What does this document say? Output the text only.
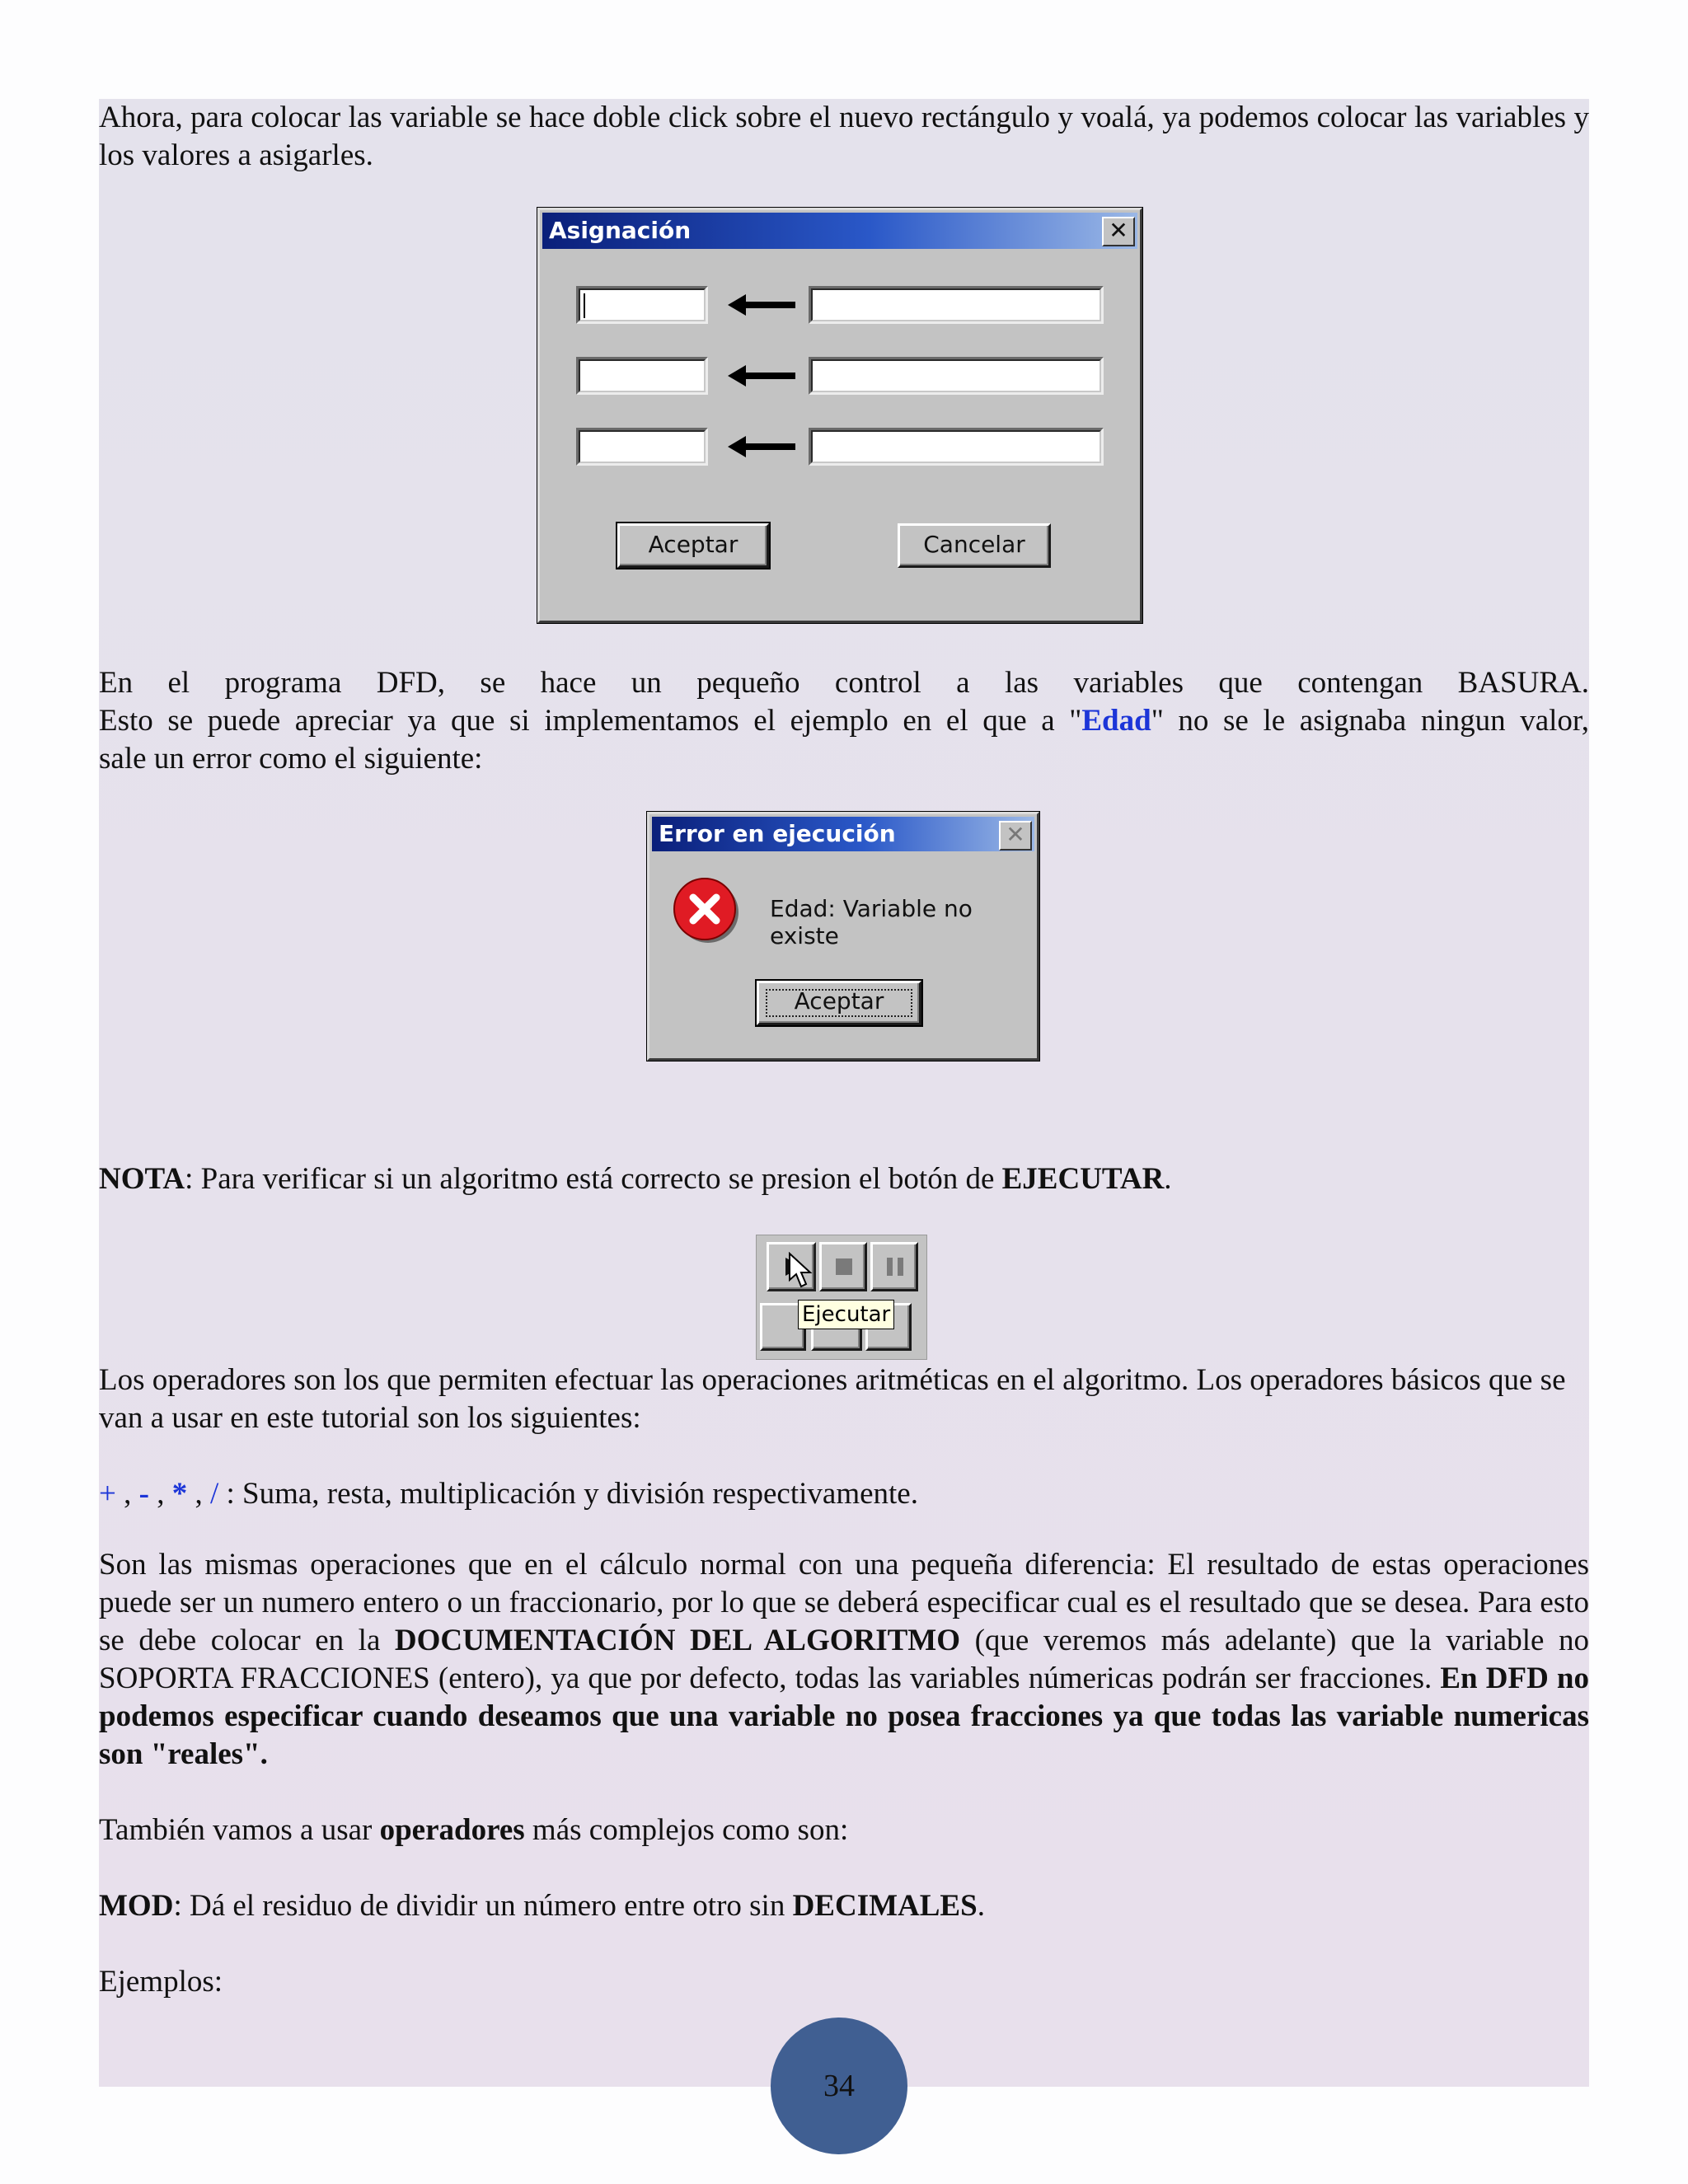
Ahora, para colocar las variable se hace doble click sobre el nuevo rectángulo y voalá, ya podemos colocar las variables y los valores a asigarles.

Asignación	✕
Aceptar	Cancelar

En el programa DFD, se hace un pequeño control a las variables que contengan BASURA.

Esto se puede apreciar ya que si implementamos el ejemplo en el que a "Edad" no se le asignaba ningun valor,

sale un error como el siguiente:

Error en ejecución	✕
Edad: Variable no existe
Aceptar

NOTA: Para verificar si un algoritmo está correcto se presion el botón de EJECUTAR.

Ejecutar

Los operadores son los que permiten efectuar las operaciones aritméticas en el algoritmo. Los operadores básicos que se van a usar en este tutorial son los siguientes:

+ , - , * , / : Suma, resta, multiplicación y división respectivamente.

Son las mismas operaciones que en el cálculo normal con una pequeña diferencia: El resultado de estas operaciones puede ser un numero entero o un fraccionario, por lo que se deberá especificar cual es el resultado que se desea. Para esto se debe colocar en la DOCUMENTACIÓN DEL ALGORITMO (que veremos más adelante) que la variable no SOPORTA FRACCIONES (entero), ya que por defecto, todas las variables númericas podrán ser fracciones. En DFD no podemos especificar cuando deseamos que una variable no posea fracciones ya que todas las variable numericas son "reales".

También vamos a usar operadores más complejos como son:

MOD: Dá el residuo de dividir un número entre otro sin DECIMALES.

Ejemplos:

34
